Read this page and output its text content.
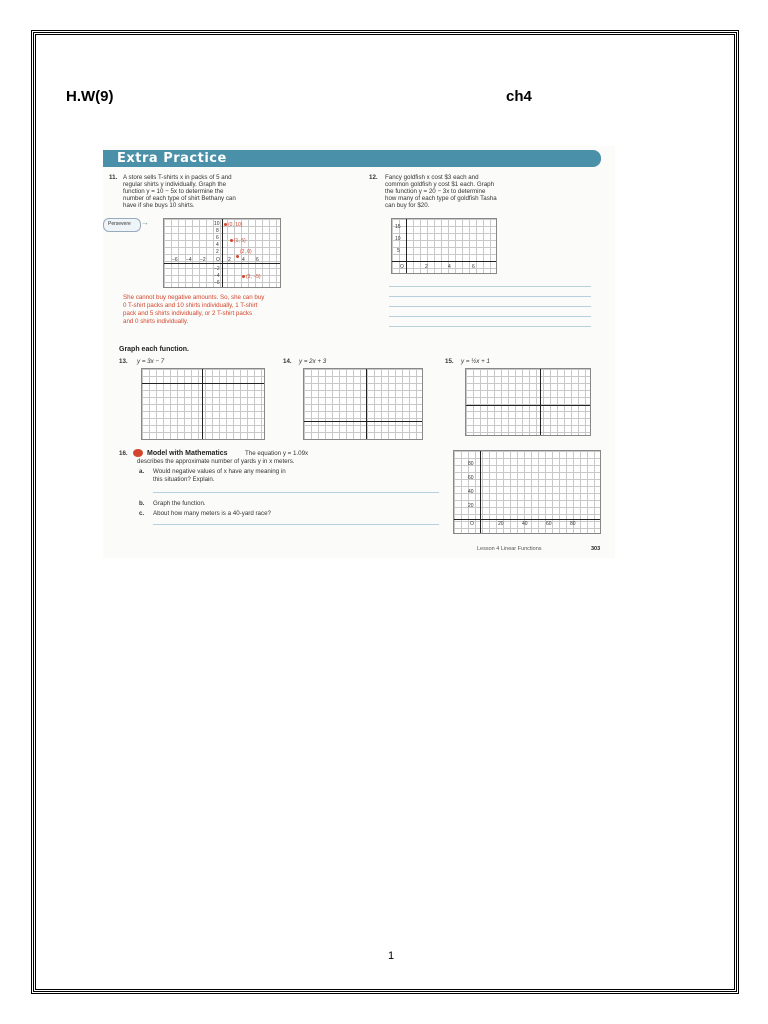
H.W(9)	ch4
Extra Practice
11. A store sells T-shirts x in packs of 5 and
regular shirts y individually. Graph the
function y = 10 − 5x to determine the
number of each type of shirt Bethany can
have if she buys 10 shirts.
Persevere →
−6 −4 −2 O 2 4 6
10
8
6
4
2
−2
−4
−6
(0, 10)
(1, 5)
(2, 0)
(3, −5)
She cannot buy negative amounts. So, she can buy
0 T-shirt packs and 10 shirts individually, 1 T-shirt
pack and 5 shirts individually, or 2 T-shirt packs
and 0 shirts individually.
12. Fancy goldfish x cost $3 each and
common goldfish y cost $1 each. Graph
the function y = 20 − 3x to determine
how many of each type of goldfish Tasha
can buy for $20.
15
10
5
O	2	4	6
Graph each function.
13. y = 3x − 7	14. y = 2x + 3	15. y = ½x + 1
16.	Model with Mathematics	The equation y = 1.09x
describes the approximate number of yards y in x meters.
a. Would negative values of x have any meaning in
this situation? Explain.
b. Graph the function.
c. About how many meters is a 40-yard race?
80
60
40
20
O	20	40	60	80
Lesson 4 Linear Functions	303
1
